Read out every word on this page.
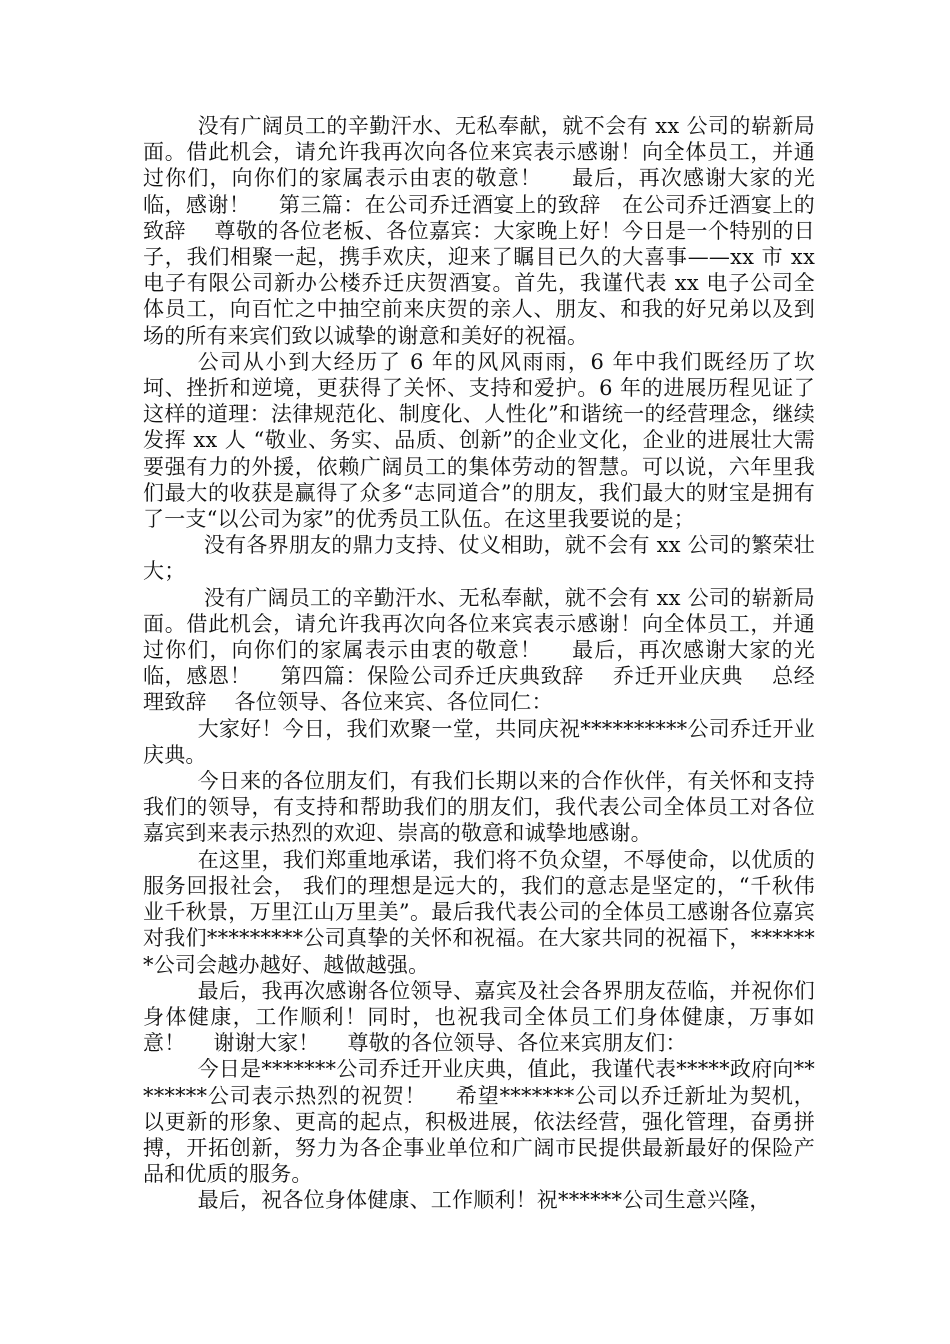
没有广阔员工的辛勤汗水、无私奉献，就不会有 xx 公司的崭新局面。借此机会，请允许我再次向各位来宾表示感谢！向全体员工，并通过你们，向你们的家属表示由衷的敬意！　 最后，再次感谢大家的光临，感谢！　 第三篇：在公司乔迁酒宴上的致辞　在公司乔迁酒宴上的致辞　 尊敬的各位老板、各位嘉宾：大家晚上好！今日是一个特别的日子，我们相聚一起，携手欢庆，迎来了瞩目已久的大喜事——xx 市 xx 电子有限公司新办公楼乔迁庆贺酒宴。首先，我谨代表 xx 电子公司全体员工，向百忙之中抽空前来庆贺的亲人、朋友、和我的好兄弟以及到场的所有来宾们致以诚挚的谢意和美好的祝福。

公司从小到大经历了 6 年的风风雨雨，6 年中我们既经历了坎坷、挫折和逆境，更获得了关怀、支持和爱护。6 年的进展历程见证了这样的道理：法律规范化、制度化、人性化”和谐统一的经营理念，继续发挥 xx 人 “敬业、务实、品质、创新”的企业文化，企业的进展壮大需要强有力的外援，依赖广阔员工的集体劳动的智慧。可以说，六年里我们最大的收获是赢得了众多“志同道合”的朋友，我们最大的财宝是拥有了一支“以公司为家”的优秀员工队伍。在这里我要说的是；

没有各界朋友的鼎力支持、仗义相助，就不会有 xx 公司的繁荣壮大；

没有广阔员工的辛勤汗水、无私奉献，就不会有 xx 公司的崭新局面。借此机会，请允许我再次向各位来宾表示感谢！向全体员工，并通过你们，向你们的家属表示由衷的敬意！　 最后，再次感谢大家的光临，感恩！　 第四篇：保险公司乔迁庆典致辞　 乔迁开业庆典　 总经理致辞　 各位领导、各位来宾、各位同仁：

大家好！今日，我们欢聚一堂，共同庆祝**********公司乔迁开业庆典。

今日来的各位朋友们，有我们长期以来的合作伙伴，有关怀和支持我们的领导，有支持和帮助我们的朋友们，我代表公司全体员工对各位嘉宾到来表示热烈的欢迎、崇高的敬意和诚挚地感谢。

在这里，我们郑重地承诺，我们将不负众望，不辱使命，以优质的服务回报社会， 我们的理想是远大的，我们的意志是坚定的，“千秋伟业千秋景，万里江山万里美”。最后我代表公司的全体员工感谢各位嘉宾对我们*********公司真挚的关怀和祝福。在大家共同的祝福下，*******公司会越办越好、越做越强。

最后，我再次感谢各位领导、嘉宾及社会各界朋友莅临，并祝你们身体健康，工作顺利！同时，也祝我司全体员工们身体健康，万事如意！　 谢谢大家！　 尊敬的各位领导、各位来宾朋友们：

今日是*******公司乔迁开业庆典，值此，我谨代表*****政府向********公司表示热烈的祝贺！　 希望*******公司以乔迁新址为契机，以更新的形象、更高的起点，积极进展，依法经营，强化管理，奋勇拼搏，开拓创新，努力为各企事业单位和广阔市民提供最新最好的保险产品和优质的服务。

最后，祝各位身体健康、工作顺利！祝******公司生意兴隆，
